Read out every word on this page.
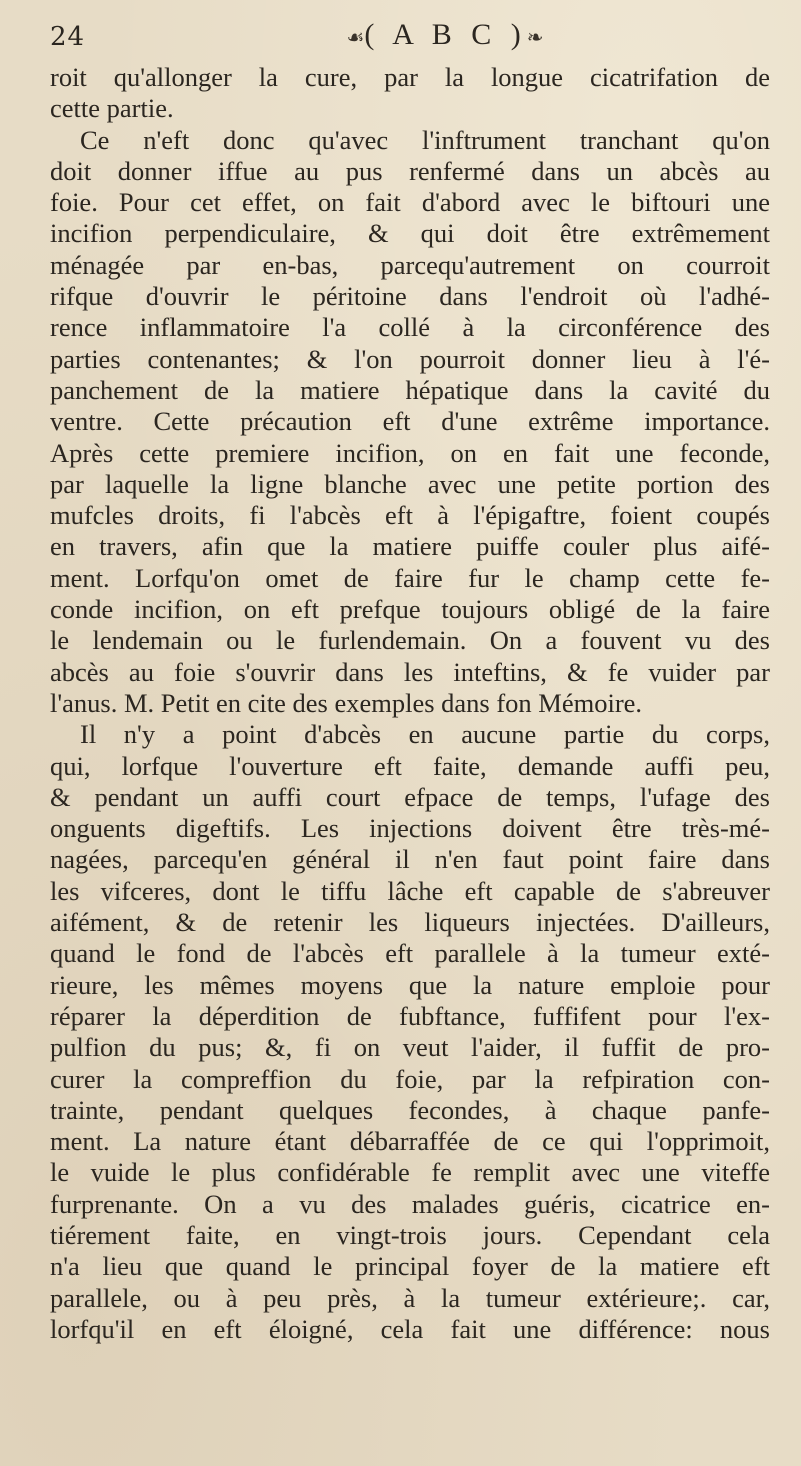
24	☙( A B C )❧
roit qu'allonger la cure, par la longue cicatrifation de
cette partie.
Ce n'eft donc qu'avec l'inftrument tranchant qu'on
doit donner iffue au pus renfermé dans un abcès au
foie. Pour cet effet, on fait d'abord avec le biftouri une
incifion perpendiculaire, & qui doit être extrêmement
ménagée par en-bas, parcequ'autrement on courroit
rifque d'ouvrir le péritoine dans l'endroit où l'adhé-
rence inflammatoire l'a collé à la circonférence des
parties contenantes; & l'on pourroit donner lieu à l'é-
panchement de la matiere hépatique dans la cavité du
ventre. Cette précaution eft d'une extrême importance.
Après cette premiere incifion, on en fait une feconde,
par laquelle la ligne blanche avec une petite portion des
mufcles droits, fi l'abcès eft à l'épigaftre, foient coupés
en travers, afin que la matiere puiffe couler plus aifé-
ment. Lorfqu'on omet de faire fur le champ cette fe-
conde incifion, on eft prefque toujours obligé de la faire
le lendemain ou le furlendemain. On a fouvent vu des
abcès au foie s'ouvrir dans les inteftins, & fe vuider par
l'anus. M. Petit en cite des exemples dans fon Mémoire.
Il n'y a point d'abcès en aucune partie du corps,
qui, lorfque l'ouverture eft faite, demande auffi peu,
& pendant un auffi court efpace de temps, l'ufage des
onguents digeftifs. Les injections doivent être très-mé-
nagées, parcequ'en général il n'en faut point faire dans
les vifceres, dont le tiffu lâche eft capable de s'abreuver
aifément, & de retenir les liqueurs injectées. D'ailleurs,
quand le fond de l'abcès eft parallele à la tumeur exté-
rieure, les mêmes moyens que la nature emploie pour
réparer la déperdition de fubftance, fuffifent pour l'ex-
pulfion du pus; &, fi on veut l'aider, il fuffit de pro-
curer la compreffion du foie, par la refpiration con-
trainte, pendant quelques fecondes, à chaque panfe-
ment. La nature étant débarraffée de ce qui l'opprimoit,
le vuide le plus confidérable fe remplit avec une viteffe
furprenante. On a vu des malades guéris, cicatrice en-
tiérement faite, en vingt-trois jours. Cependant cela
n'a lieu que quand le principal foyer de la matiere eft
parallele, ou à peu près, à la tumeur extérieure;. car,
lorfqu'il en eft éloigné, cela fait une différence: nous
